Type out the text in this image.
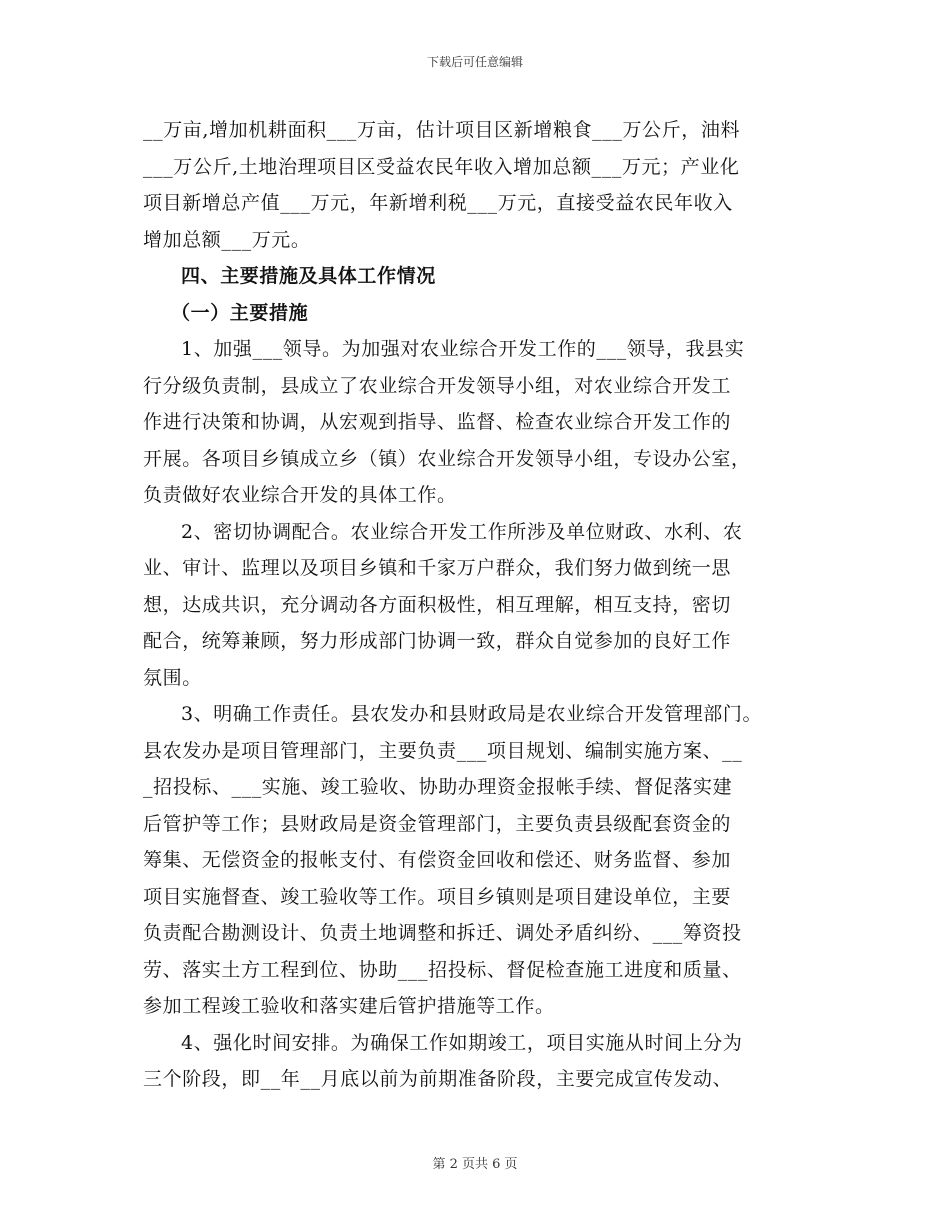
下载后可任意编辑
__万亩,增加机耕面积___万亩，估计项目区新增粮食___万公斤，油料
___万公斤,土地治理项目区受益农民年收入增加总额___万元；产业化
项目新增总产值___万元，年新增利税___万元，直接受益农民年收入
增加总额___万元。
四、主要措施及具体工作情况
（一）主要措施
1、加强___领导。为加强对农业综合开发工作的___领导，我县实
行分级负责制，县成立了农业综合开发领导小组，对农业综合开发工
作进行决策和协调，从宏观到指导、监督、检查农业综合开发工作的
开展。各项目乡镇成立乡（镇）农业综合开发领导小组，专设办公室，
负责做好农业综合开发的具体工作。
2、密切协调配合。农业综合开发工作所涉及单位财政、水利、农
业、审计、监理以及项目乡镇和千家万户群众，我们努力做到统一思
想，达成共识，充分调动各方面积极性，相互理解，相互支持，密切
配合，统筹兼顾，努力形成部门协调一致，群众自觉参加的良好工作
氛围。
3、明确工作责任。县农发办和县财政局是农业综合开发管理部门。
县农发办是项目管理部门，主要负责___项目规划、编制实施方案、__
_招投标、___实施、竣工验收、协助办理资金报帐手续、督促落实建
后管护等工作；县财政局是资金管理部门，主要负责县级配套资金的
筹集、无偿资金的报帐支付、有偿资金回收和偿还、财务监督、参加
项目实施督查、竣工验收等工作。项目乡镇则是项目建设单位，主要
负责配合勘测设计、负责土地调整和拆迁、调处矛盾纠纷、___筹资投
劳、落实土方工程到位、协助___招投标、督促检查施工进度和质量、
参加工程竣工验收和落实建后管护措施等工作。
4、强化时间安排。为确保工作如期竣工，项目实施从时间上分为
三个阶段，即__年__月底以前为前期准备阶段，主要完成宣传发动、
第 2 页共 6 页
